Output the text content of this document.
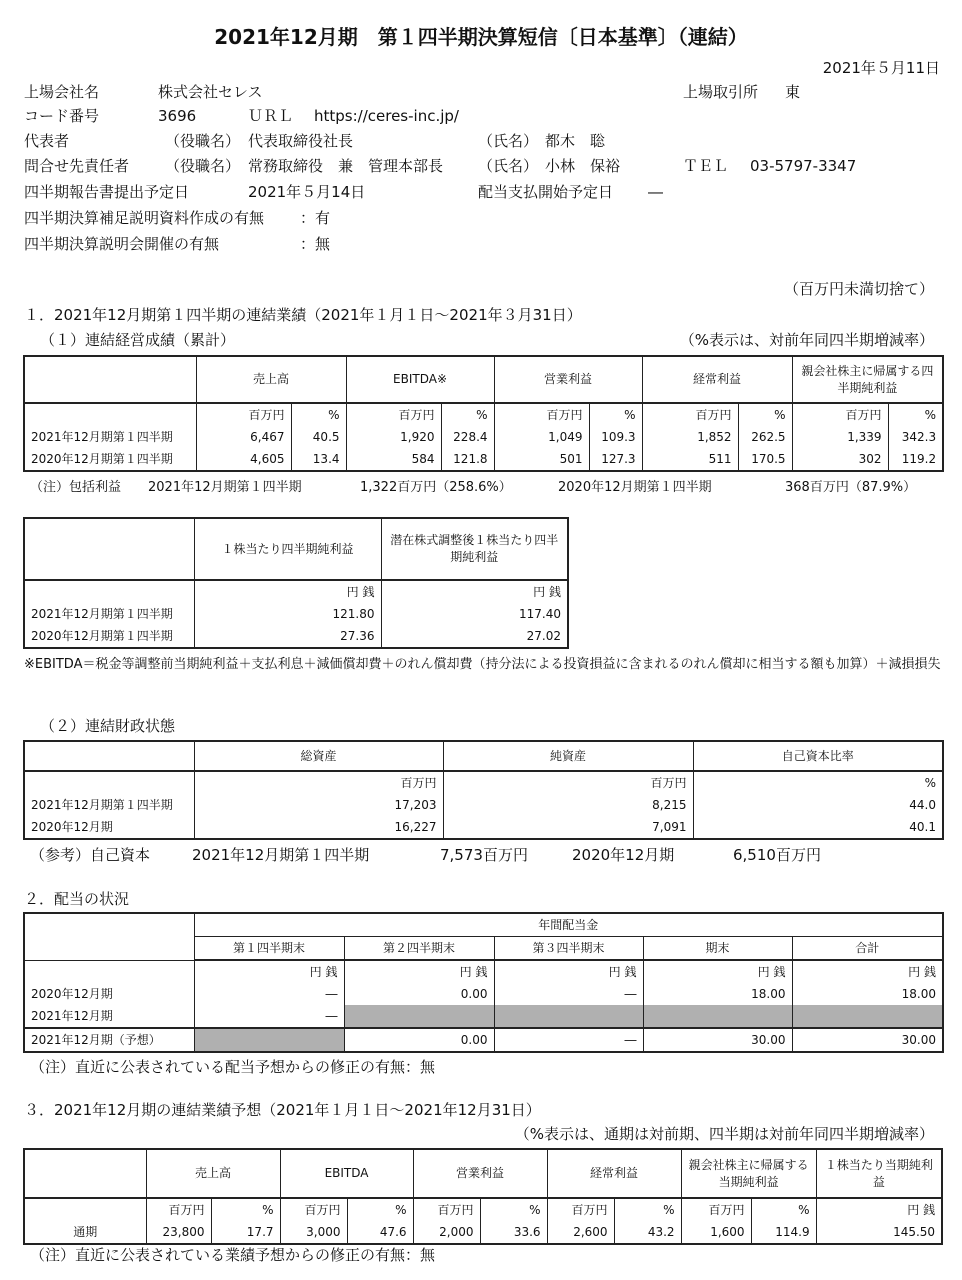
2021年12月期　第１四半期決算短信〔日本基準〕（連結）
2021年５月11日
上場会社名	株式会社セレス	上場取引所 東
コード番号	3696	ＵＲＬ https://ceres-inc.jp/
代表者	（役職名） 代表取締役社長	（氏名） 都木　聡
問合せ先責任者 （役職名） 常務取締役　兼　管理本部長 （氏名） 小林　保裕	ＴＥＬ 03-5797-3347
四半期報告書提出予定日	2021年５月14日	配当支払開始予定日 ―
四半期決算補足説明資料作成の有無 ：有
四半期決算説明会開催の有無	：無
（百万円未満切捨て）
１．2021年12月期第１四半期の連結業績（2021年１月１日～2021年３月31日）
（１）連結経営成績（累計）	（%表示は、対前年同四半期増減率）
	売上高		EBITDA※		営業利益		経常利益		親会社株主に帰属する四半期純利益	
	百万円	%	百万円	%	百万円	%	百万円	%	百万円	%
2021年12月期第１四半期	6,467	40.5	1,920	228.4	1,049	109.3	1,852	262.5	1,339	342.3
2020年12月期第１四半期	4,605	13.4	584	121.8	501	127.3	511	170.5	302	119.2
（注）包括利益 2021年12月期第１四半期	1,322百万円（258.6%）	2020年12月期第１四半期	368百万円（87.9%）
	１株当たり四半期純利益	潜在株式調整後１株当たり四半期純利益
	円 銭	円 銭
2021年12月期第１四半期	121.80	117.40
2020年12月期第１四半期	27.36	27.02
※EBITDA＝税金等調整前当期純利益＋支払利息＋減価償却費＋のれん償却費（持分法による投資損益に含まれるのれん償却に相当する額も加算）＋減損損失
（２）連結財政状態
	総資産	純資産	自己資本比率
	百万円	百万円	%
2021年12月期第１四半期	17,203	8,215	44.0
2020年12月期	16,227	7,091	40.1
（参考）自己資本	2021年12月期第１四半期	7,573百万円	2020年12月期	6,510百万円
２．配当の状況
	年間配当金				
	第１四半期末	第２四半期末	第３四半期末	期末	合計
	円 銭	円 銭	円 銭	円 銭	円 銭
2020年12月期	―	0.00	―	18.00	18.00
2021年12月期	―				
2021年12月期（予想）		0.00	―	30.00	30.00
（注）直近に公表されている配当予想からの修正の有無：無
３．2021年12月期の連結業績予想（2021年１月１日～2021年12月31日）
（%表示は、通期は対前期、四半期は対前年同四半期増減率）
	売上高		EBITDA		営業利益		経常利益		親会社株主に帰属する当期純利益		１株当たり当期純利益
	百万円	%	百万円	%	百万円	%	百万円	%	百万円	%	円 銭
通期	23,800	17.7	3,000	47.6	2,000	33.6	2,600	43.2	1,600	114.9	145.50
（注）直近に公表されている業績予想からの修正の有無：無
